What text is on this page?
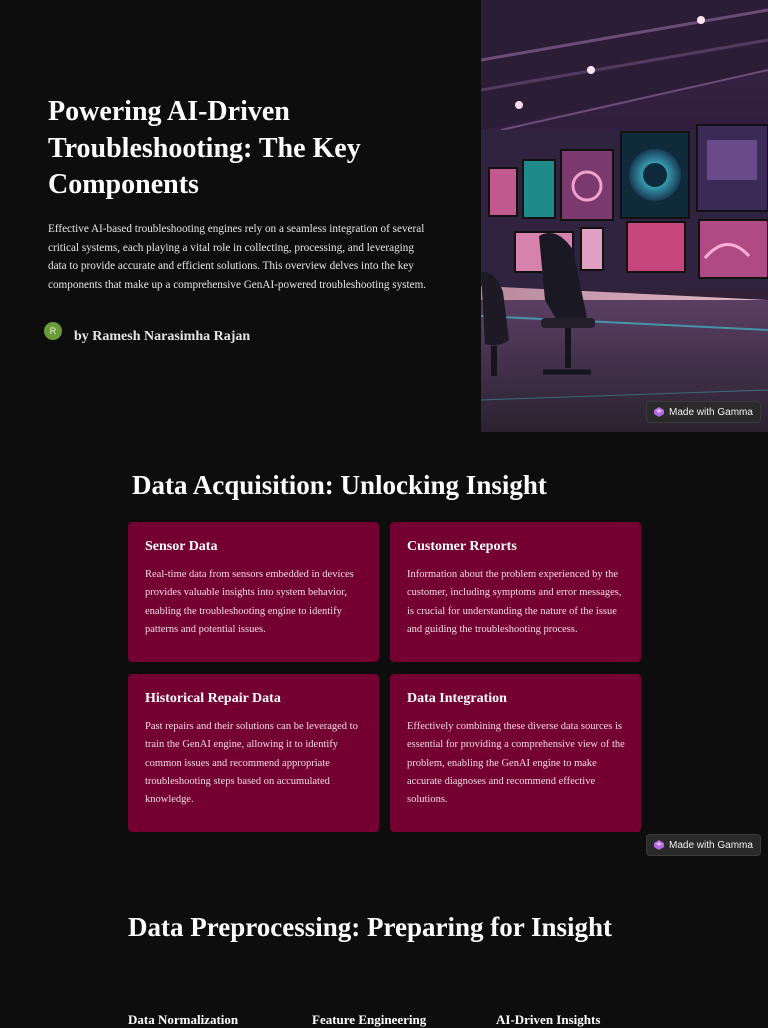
Powering AI-Driven Troubleshooting: The Key Components

Effective AI-based troubleshooting engines rely on a seamless integration of several critical systems, each playing a vital role in collecting, processing, and leveraging data to provide accurate and efficient solutions. This overview delves into the key components that make up a comprehensive GenAI-powered troubleshooting system.

R	by Ramesh Narasimha Rajan
Made with Gamma
Data Acquisition: Unlocking Insight
Sensor Data

Real-time data from sensors embedded in devices provides valuable insights into system behavior, enabling the troubleshooting engine to identify patterns and potential issues.

Customer Reports

Information about the problem experienced by the customer, including symptoms and error messages, is crucial for understanding the nature of the issue and guiding the troubleshooting process.

Historical Repair Data

Past repairs and their solutions can be leveraged to train the GenAI engine, allowing it to identify common issues and recommend appropriate troubleshooting steps based on accumulated knowledge.

Data Integration

Effectively combining these diverse data sources is essential for providing a comprehensive view of the problem, enabling the GenAI engine to make accurate diagnoses and recommend effective solutions.

Made with Gamma
Data Preprocessing: Preparing for Insight

Data Normalization	Feature Engineering	AI-Driven Insights
